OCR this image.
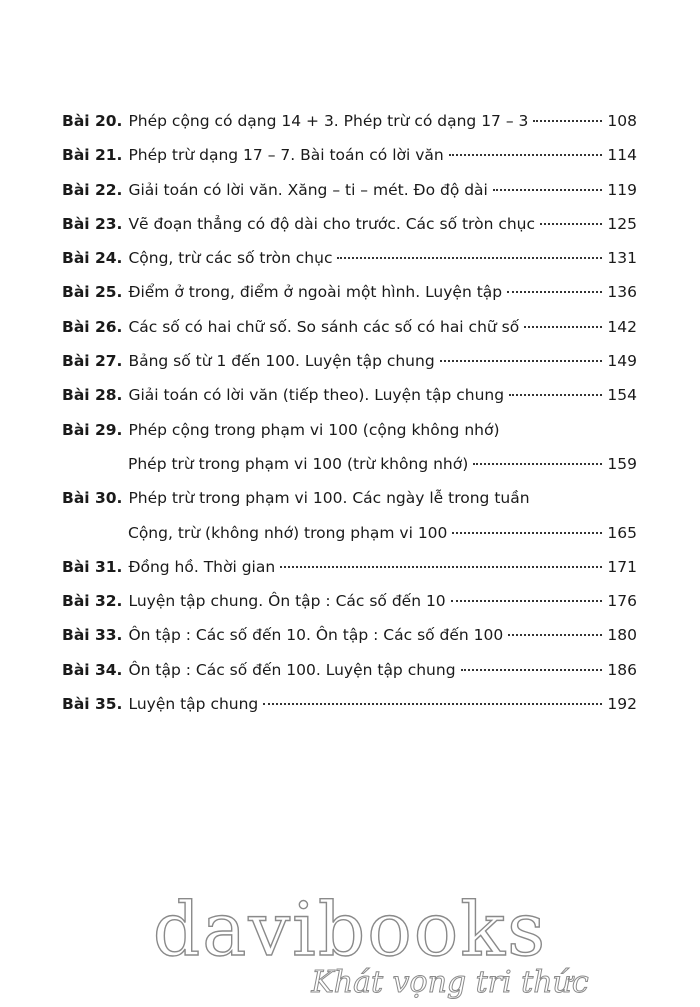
Bài 20. Phép cộng có dạng 14 + 3. Phép trừ có dạng 17 – 3	108
Bài 21. Phép trừ dạng 17 – 7. Bài toán có lời văn	114
Bài 22. Giải toán có lời văn. Xăng – ti – mét. Đo độ dài	119
Bài 23. Vẽ đoạn thẳng có độ dài cho trước. Các số tròn chục	125
Bài 24. Cộng, trừ các số tròn chục	131
Bài 25. Điểm ở trong, điểm ở ngoài một hình. Luyện tập	136
Bài 26. Các số có hai chữ số. So sánh các số có hai chữ số	142
Bài 27. Bảng số từ 1 đến 100. Luyện tập chung	149
Bài 28. Giải toán có lời văn (tiếp theo). Luyện tập chung	154
Bài 29. Phép cộng trong phạm vi 100 (cộng không nhớ)
Phép trừ trong phạm vi 100 (trừ không nhớ)	159
Bài 30. Phép trừ trong phạm vi 100. Các ngày lễ trong tuần
Cộng, trừ (không nhớ) trong phạm vi 100	165
Bài 31. Đồng hồ. Thời gian	171
Bài 32. Luyện tập chung. Ôn tập : Các số đến 10	176
Bài 33. Ôn tập : Các số đến 10. Ôn tập : Các số đến 100	180
Bài 34. Ôn tập : Các số đến 100. Luyện tập chung	186
Bài 35. Luyện tập chung	192
davibooks
Khát vọng tri thức
